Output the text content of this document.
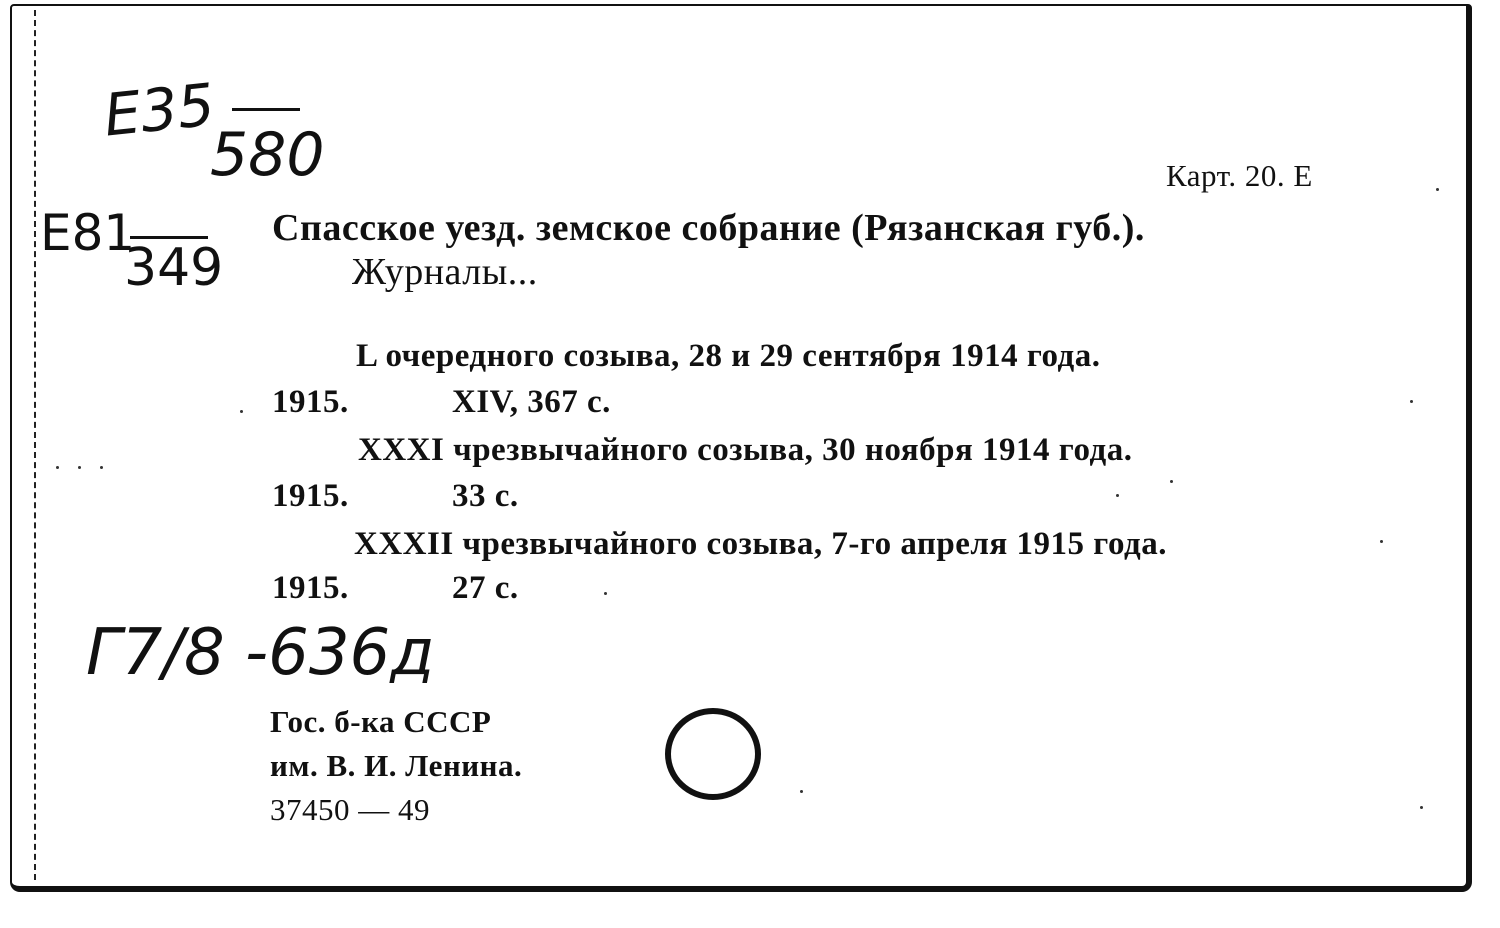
E35
580
E81
349
Карт. 20. Е
Спасское уезд. земское собрание (Рязанская губ.).
Журналы...
L очередного созыва, 28 и 29 сентября 1914 года.
1915.	XIV, 367 с.
XXXI чрезвычайного созыва, 30 ноября 1914 года.
1915.	33 с.
XXXII чрезвычайного созыва, 7-го апреля 1915 года.
1915.	27 с.
Г7/8 -636д
Гос. б-ка СССР
им. В. И. Ленина.
37450 — 49
